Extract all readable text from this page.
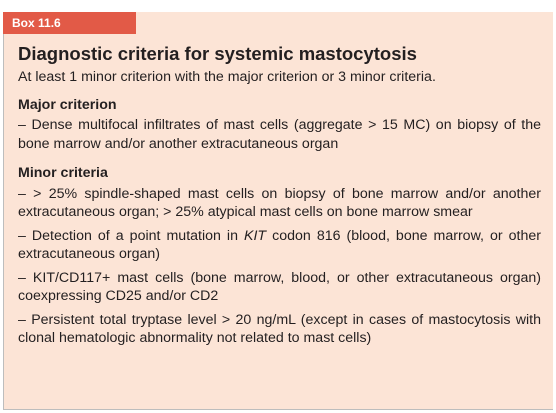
Box 11.6
Diagnostic criteria for systemic mastocytosis
At least 1 minor criterion with the major criterion or 3 minor criteria.
Major criterion
– Dense multifocal infiltrates of mast cells (aggregate > 15 MC) on biopsy of the bone marrow and/or another extracutaneous organ
Minor criteria
– > 25% spindle-shaped mast cells on biopsy of bone marrow and/or another extracutaneous organ; > 25% atypical mast cells on bone marrow smear
– Detection of a point mutation in KIT codon 816 (blood, bone marrow, or other extracutaneous organ)
– KIT/CD117+ mast cells (bone marrow, blood, or other extracutaneous organ) coexpressing CD25 and/or CD2
– Persistent total tryptase level > 20 ng/mL (except in cases of mastocytosis with clonal hematologic abnormality not related to mast cells)
